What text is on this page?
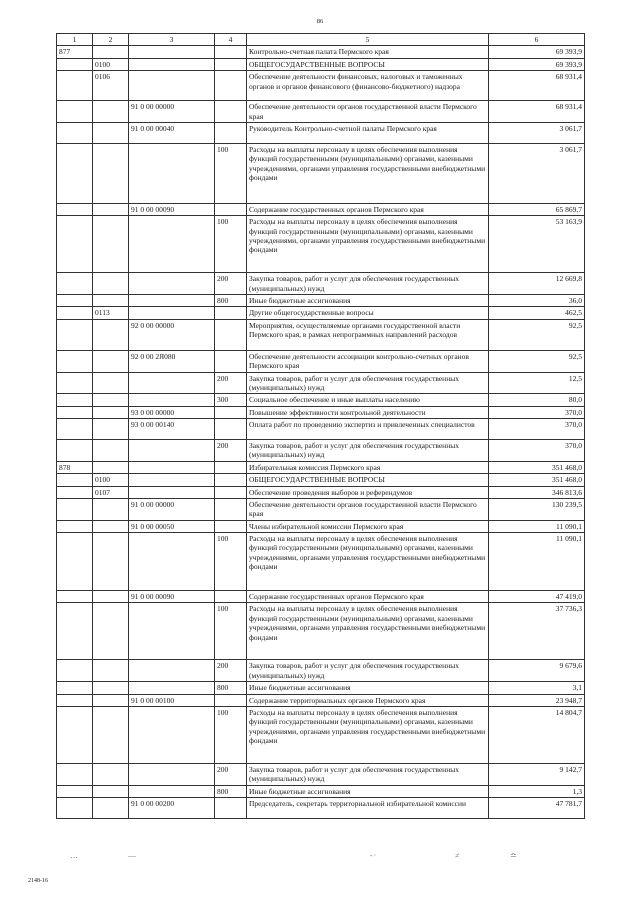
86
1	2	3	4	5	6
877				Контрольно-счетная палата Пермского края	69 393,9
	0100			ОБЩЕГОСУДАРСТВЕННЫЕ ВОПРОСЫ	69 393,9
	0106			Обеспечение деятельности финансовых, налоговых и таможенных органов и органов финансового (финансово-бюджетного) надзора	68 931,4
		91 0 00 00000		Обеспечение деятельности органов государственной власти Пермского края	68 931,4
		91 0 00 00040		Руководитель Контрольно-счетной палаты Пермского края	3 061,7
			100	Расходы на выплаты персоналу в целях обеспечения выполнения функций государственными (муниципальными) органами, казенными учреждениями, органами управления государственными внебюджетными фондами	3 061,7
		91 0 00 00090		Содержание государственных органов Пермского края	65 869,7
			100	Расходы на выплаты персоналу в целях обеспечения выполнения функций государственными (муниципальными) органами, казенными учреждениями, органами управления государственными внебюджетными фондами	53 163,9
			200	Закупка товаров, работ и услуг для обеспечения государственных (муниципальных) нужд	12 669,8
			800	Иные бюджетные ассигнования	36,0
	0113			Другие общегосударственные вопросы	462,5
		92 0 00 00000		Мероприятия, осуществляемые органами государственной власти Пермского края, в рамках непрограммных направлений расходов	92,5
		92 0 00 2Я080		Обеспечение деятельности ассоциации контрольно-счетных органов Пермского края	92,5
			200	Закупка товаров, работ и услуг для обеспечения государственных (муниципальных) нужд	12,5
			300	Социальное обеспечение и иные выплаты населению	80,0
		93 0 00 00000		Повышение эффективности контрольной деятельности	370,0
		93 0 00 00140		Оплата работ по проведению экспертиз и привлеченных специалистов	370,0
			200	Закупка товаров, работ и услуг для обеспечения государственных (муниципальных) нужд	370,0
878				Избирательная комиссия Пермского края	351 468,0
	0100			ОБЩЕГОСУДАРСТВЕННЫЕ ВОПРОСЫ	351 468,0
	0107			Обеспечение проведения выборов и референдумов	346 813,6
		91 0 00 00000		Обеспечение деятельности органов государственной власти Пермского края	130 239,5
		91 0 00 00050		Члены избирательной комиссии Пермского края	11 090,1
			100	Расходы на выплаты персоналу в целях обеспечения выполнения функций государственными (муниципальными) органами, казенными учреждениями, органами управления государственными внебюджетными фондами	11 090,1
		91 0 00 00090		Содержание государственных органов Пермского края	47 419,0
			100	Расходы на выплаты персоналу в целях обеспечения выполнения функций государственными (муниципальными) органами, казенными учреждениями, органами управления государственными внебюджетными фондами	37 736,3
			200	Закупка товаров, работ и услуг для обеспечения государственных (муниципальных) нужд	9 679,6
			800	Иные бюджетные ассигнования	3,1
		91 0 00 00100		Содержание территориальных органов Пермского края	23 948,7
			100	Расходы на выплаты персоналу в целях обеспечения выполнения функций государственными (муниципальными) органами, казенными учреждениями, органами управления государственными внебюджетными фондами	14 804,7
			200	Закупка товаров, работ и услуг для обеспечения государственных (муниципальных) нужд	9 142,7
			800	Иные бюджетные ассигнования	1,3
		91 0 00 00200		Председатель, секретарь территориальной избирательной комиссии	47 781,7
…	—	-·	≠	≏
2148-16
